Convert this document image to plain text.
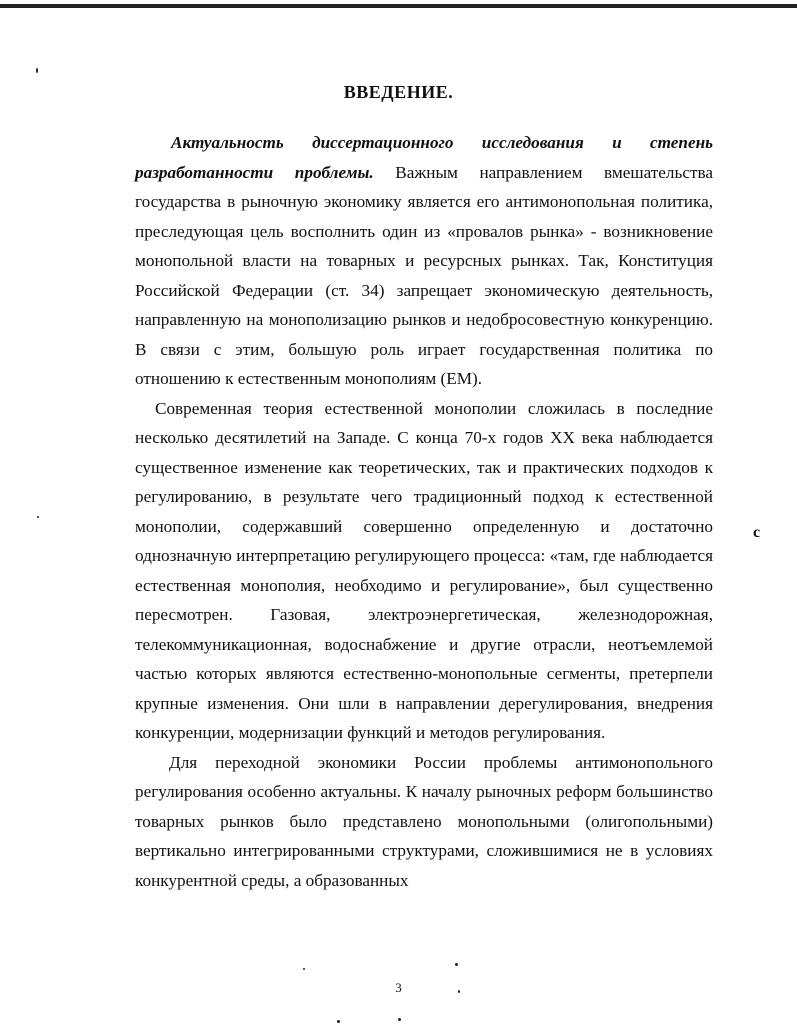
ВВЕДЕНИЕ.

Актуальность диссертационного исследования и степень разработанности проблемы. Важным направлением вмешательства государства в рыночную экономику является его антимонопольная политика, преследующая цель восполнить один из «провалов рынка» - возникновение монопольной власти на товарных и ресурсных рынках. Так, Конституция Российской Федерации (ст. 34) запрещает экономическую деятельность, направленную на монополизацию рынков и недобросовестную конкуренцию. В связи с этим, большую роль играет государственная политика по отношению к естественным монополиям (ЕМ).

Современная теория естественной монополии сложилась в последние несколько десятилетий на Западе. С конца 70-х годов XX века наблюдается существенное изменение как теоретических, так и практических подходов к регулированию, в результате чего традиционный подход к естественной монополии, содержавший совершенно определенную и достаточно однозначную интерпретацию регулирующего процесса: «там, где наблюдается естественная монополия, необходимо и регулирование», был существенно пересмотрен. Газовая, электроэнергетическая, железнодорожная, телекоммуникационная, водоснабжение и другие отрасли, неотъемлемой частью которых являются естественно-монопольные сегменты, претерпели крупные изменения. Они шли в направлении дерегулирования, внедрения конкуренции, модернизации функций и методов регулирования.

Для переходной экономики России проблемы антимонопольного регулирования особенно актуальны. К началу рыночных реформ большинство товарных рынков было представлено монопольными (олигопольными) вертикально интегрированными структурами, сложившимися не в условиях конкурентной среды, а образованных

с
3
